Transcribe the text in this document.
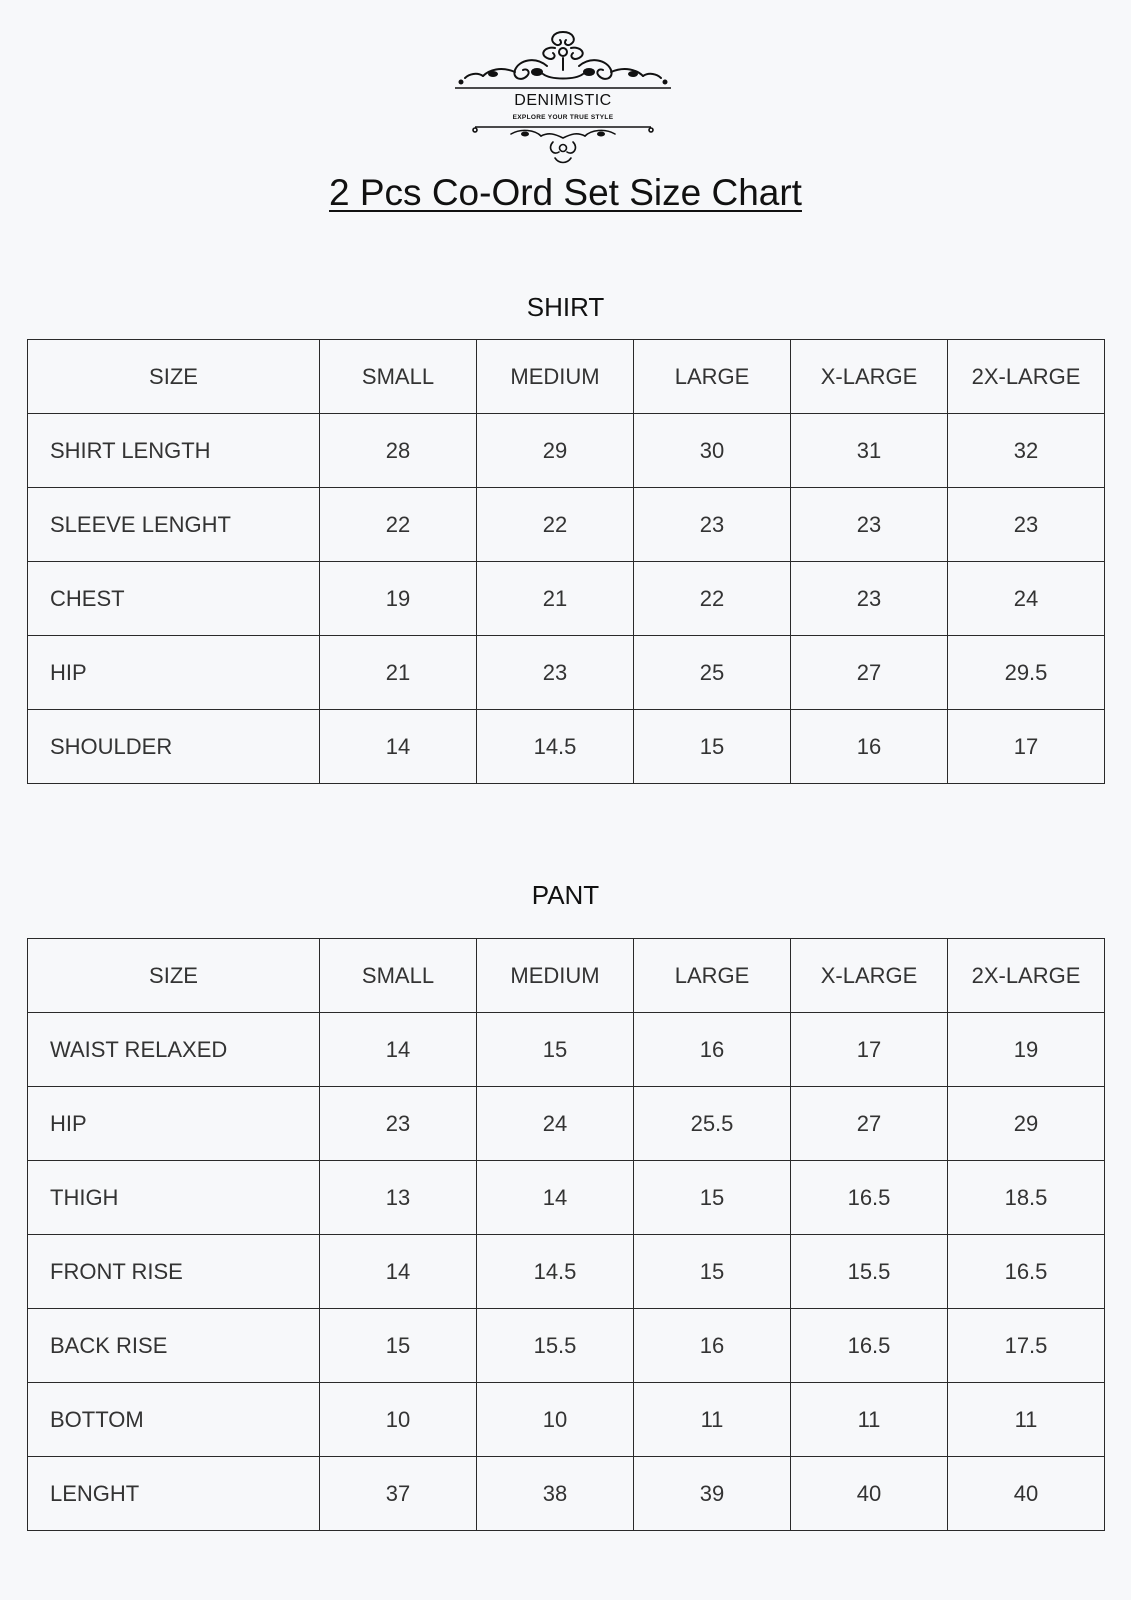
DENIMISTIC
EXPLORE YOUR TRUE STYLE
2 Pcs Co-Ord Set Size Chart
SHIRT
SIZE	SMALL	MEDIUM	LARGE	X-LARGE	2X-LARGE
SHIRT LENGTH	28	29	30	31	32
SLEEVE LENGHT	22	22	23	23	23
CHEST	19	21	22	23	24
HIP	21	23	25	27	29.5
SHOULDER	14	14.5	15	16	17
PANT
SIZE	SMALL	MEDIUM	LARGE	X-LARGE	2X-LARGE
WAIST RELAXED	14	15	16	17	19
HIP	23	24	25.5	27	29
THIGH	13	14	15	16.5	18.5
FRONT RISE	14	14.5	15	15.5	16.5
BACK RISE	15	15.5	16	16.5	17.5
BOTTOM	10	10	11	11	11
LENGHT	37	38	39	40	40
